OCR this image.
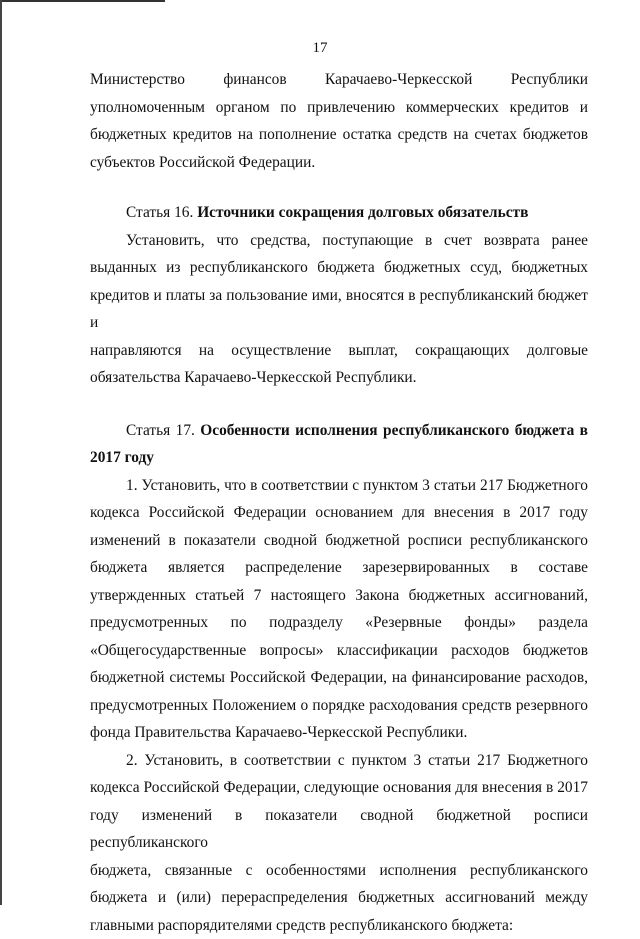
17
Министерство финансов Карачаево-Черкесской Республики
уполномоченным органом по привлечению коммерческих кредитов и
бюджетных кредитов на пополнение остатка средств на счетах бюджетов
субъектов Российской Федерации.
Статья 16. Источники сокращения долговых обязательств
Установить, что средства, поступающие в счет возврата ранее
выданных из республиканского бюджета бюджетных ссуд, бюджетных
кредитов и платы за пользование ими, вносятся в республиканский бюджет и
направляются на осуществление выплат, сокращающих долговые
обязательства Карачаево-Черкесской Республики.
Статья 17. Особенности исполнения республиканского бюджета в
2017 году
1. Установить, что в соответствии с пунктом 3 статьи 217 Бюджетного
кодекса Российской Федерации основанием для внесения в 2017 году
изменений в показатели сводной бюджетной росписи республиканского
бюджета является распределение зарезервированных в составе
утвержденных статьей 7 настоящего Закона бюджетных ассигнований,
предусмотренных по подразделу «Резервные фонды» раздела
«Общегосударственные вопросы» классификации расходов бюджетов
бюджетной системы Российской Федерации, на финансирование расходов,
предусмотренных Положением о порядке расходования средств резервного
фонда Правительства Карачаево-Черкесской Республики.
2. Установить, в соответствии с пунктом 3 статьи 217 Бюджетного
кодекса Российской Федерации, следующие основания для внесения в 2017
году изменений в показатели сводной бюджетной росписи республиканского
бюджета, связанные с особенностями исполнения республиканского
бюджета и (или) перераспределения бюджетных ассигнований между
главными распорядителями средств республиканского бюджета:
